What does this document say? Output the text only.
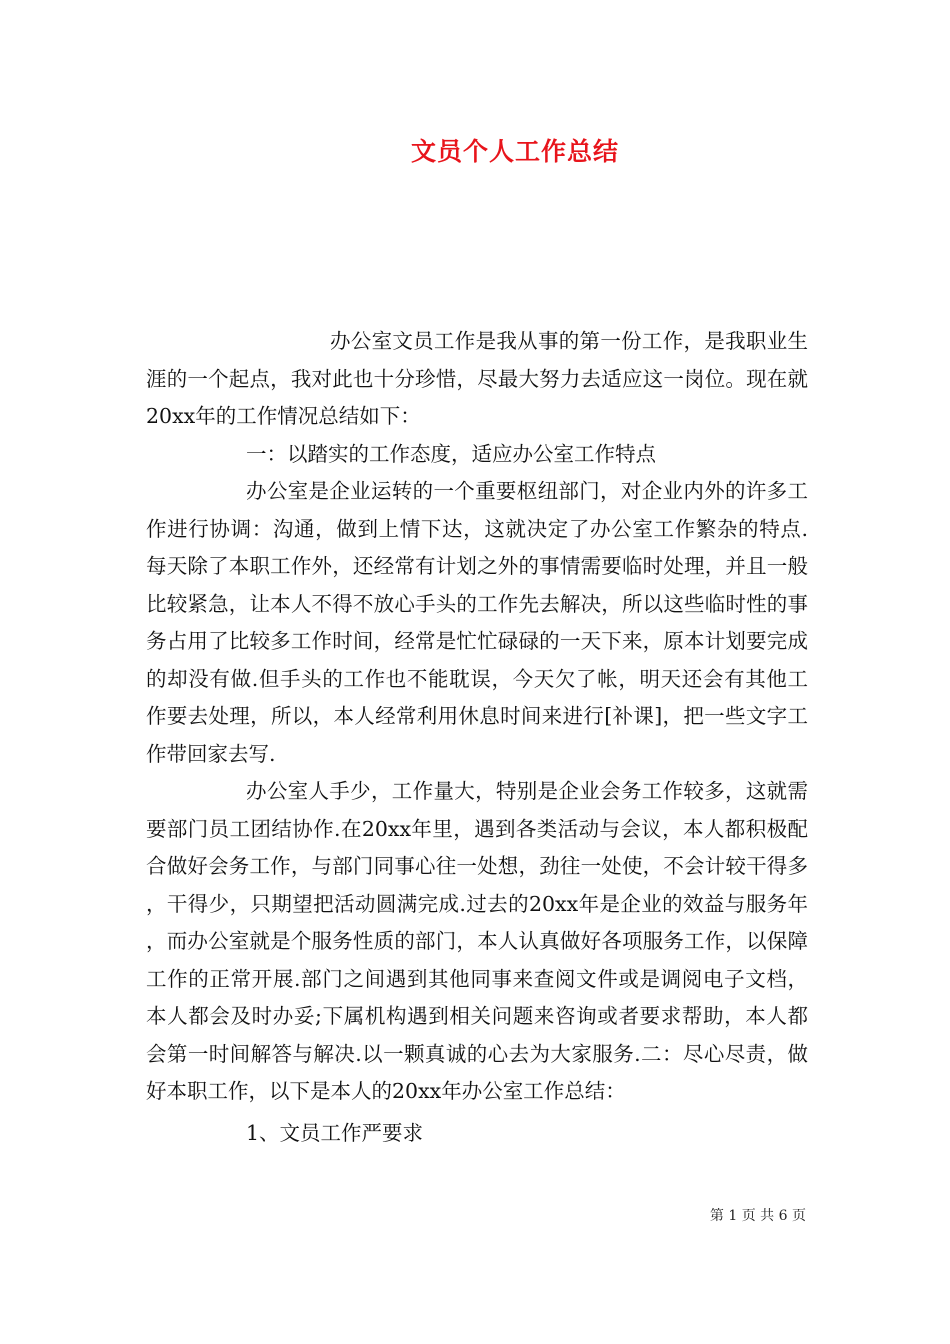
文员个人工作总结

办公室文员工作是我从事的第一份工作，是我职业生涯的一个起点，我对此也十分珍惜，尽最大努力去适应这一岗位。现在就20xx年的工作情况总结如下：

一：以踏实的工作态度，适应办公室工作特点

办公室是企业运转的一个重要枢纽部门，对企业内外的许多工作进行协调：沟通，做到上情下达，这就决定了办公室工作繁杂的特点.每天除了本职工作外，还经常有计划之外的事情需要临时处理，并且一般比较紧急，让本人不得不放心手头的工作先去解决，所以这些临时性的事务占用了比较多工作时间，经常是忙忙碌碌的一天下来，原本计划要完成的却没有做.但手头的工作也不能耽误，今天欠了帐，明天还会有其他工作要去处理，所以，本人经常利用休息时间来进行[补课]，把一些文字工作带回家去写.

办公室人手少，工作量大，特别是企业会务工作较多，这就需要部门员工团结协作.在20xx年里，遇到各类活动与会议，本人都积极配合做好会务工作，与部门同事心往一处想，劲往一处使，不会计较干得多，干得少，只期望把活动圆满完成.过去的20xx年是企业的效益与服务年，而办公室就是个服务性质的部门，本人认真做好各项服务工作，以保障工作的正常开展.部门之间遇到其他同事来查阅文件或是调阅电子文档，本人都会及时办妥;下属机构遇到相关问题来咨询或者要求帮助，本人都会第一时间解答与解决.以一颗真诚的心去为大家服务.二：尽心尽责，做好本职工作，以下是本人的20xx年办公室工作总结：

1、文员工作严要求

第 1 页 共 6 页
